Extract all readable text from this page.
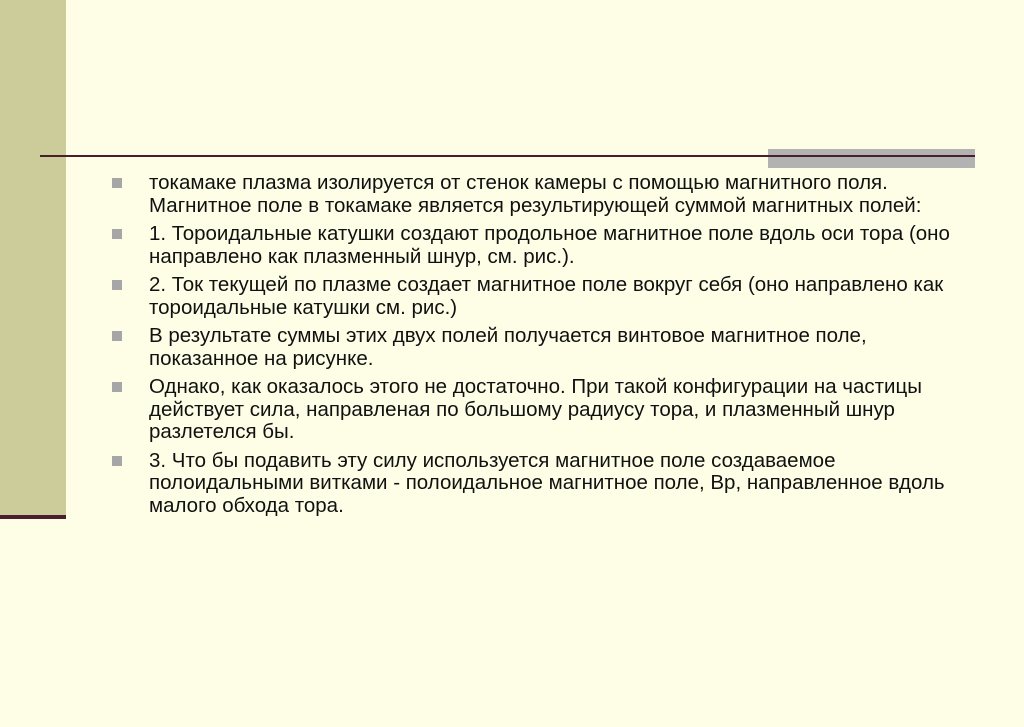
токамаке плазма изолируется от стенок камеры с помощью магнитного поля. Магнитное поле в токамаке является результирующей суммой магнитных полей:
1. Тороидальные катушки создают продольное магнитное поле вдоль оси тора (оно направлено как плазменный шнур, см. рис.).
2. Ток текущей по плазме создает магнитное поле вокруг себя (оно направлено как тороидальные катушки см. рис.)
В результате суммы этих двух полей получается винтовое магнитное поле, показанное на рисунке.
Однако, как оказалось этого не достаточно. При такой конфигурации на частицы действует сила, направленая по большому радиусу тора, и плазменный шнур разлетелся бы.
3. Что бы подавить эту силу используется магнитное поле создаваемое полоидальными витками - полоидальное магнитное поле, Вр, направленное вдоль малого обхода тора.
